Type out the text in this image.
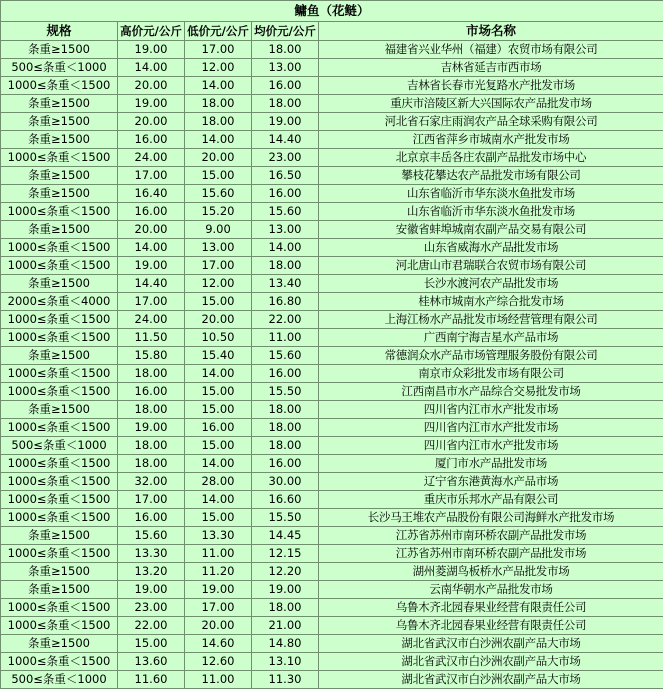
鳙鱼（花鲢）				
规格	高价元/公斤	低价元/公斤	均价元/公斤	市场名称
条重≥1500	19.00	17.00	18.00	福建省兴业华州（福建）农贸市场有限公司
500≤条重＜1000	14.00	12.00	13.00	吉林省延吉市西市场
1000≤条重＜1500	20.00	14.00	16.00	吉林省长春市光复路水产批发市场
条重≥1500	19.00	18.00	18.00	重庆市涪陵区新大兴国际农产品批发市场
条重≥1500	20.00	18.00	19.00	河北省石家庄雨润农产品全球采购有限公司
条重≥1500	16.00	14.00	14.40	江西省萍乡市城南水产批发市场
1000≤条重＜1500	24.00	20.00	23.00	北京京丰岳各庄农副产品批发市场中心
条重≥1500	17.00	15.00	16.50	攀枝花攀达农产品批发市场有限公司
条重≥1500	16.40	15.60	16.00	山东省临沂市华东淡水鱼批发市场
1000≤条重＜1500	16.00	15.20	15.60	山东省临沂市华东淡水鱼批发市场
条重≥1500	20.00	9.00	13.00	安徽省蚌埠城南农副产品交易有限公司
1000≤条重＜1500	14.00	13.00	14.00	山东省威海水产品批发市场
1000≤条重＜1500	19.00	17.00	18.00	河北唐山市君瑞联合农贸市场有限公司
条重≥1500	14.40	12.00	13.40	长沙水渡河农产品批发市场
2000≤条重＜4000	17.00	15.00	16.80	桂林市城南水产综合批发市场
1000≤条重＜1500	24.00	20.00	22.00	上海江杨水产品批发市场经营管理有限公司
1000≤条重＜1500	11.50	10.50	11.00	广西南宁海吉星水产品市场
条重≥1500	15.80	15.40	15.60	常德润众水产品市场管理服务股份有限公司
1000≤条重＜1500	18.00	14.00	16.00	南京市众彩批发市场有限公司
1000≤条重＜1500	16.00	15.00	15.50	江西南昌市水产品综合交易批发市场
条重≥1500	18.00	15.00	18.00	四川省内江市水产批发市场
1000≤条重＜1500	19.00	16.00	18.00	四川省内江市水产批发市场
500≤条重＜1000	18.00	15.00	18.00	四川省内江市水产批发市场
1000≤条重＜1500	18.00	14.00	16.00	厦门市水产品批发市场
1000≤条重＜1500	32.00	28.00	30.00	辽宁省东港黄海水产品市场
1000≤条重＜1500	17.00	14.00	16.60	重庆市乐邦水产品有限公司
1000≤条重＜1500	16.00	15.00	15.50	长沙马王堆农产品股份有限公司海鲜水产批发市场
条重≥1500	15.60	13.30	14.45	江苏省苏州市南环桥农副产品批发市场
1000≤条重＜1500	13.30	11.00	12.15	江苏省苏州市南环桥农副产品批发市场
条重≥1500	13.20	11.20	12.20	湖州菱湖鸟板桥水产品批发市场
条重≥1500	19.00	19.00	19.00	云南华朝水产品批发市场
1000≤条重＜1500	23.00	17.00	18.00	乌鲁木齐北园春果业经营有限责任公司
1000≤条重＜1500	22.00	20.00	21.00	乌鲁木齐北园春果业经营有限责任公司
条重≥1500	15.00	14.60	14.80	湖北省武汉市白沙洲农副产品大市场
1000≤条重＜1500	13.60	12.60	13.10	湖北省武汉市白沙洲农副产品大市场
500≤条重＜1000	11.60	11.00	11.30	湖北省武汉市白沙洲农副产品大市场
